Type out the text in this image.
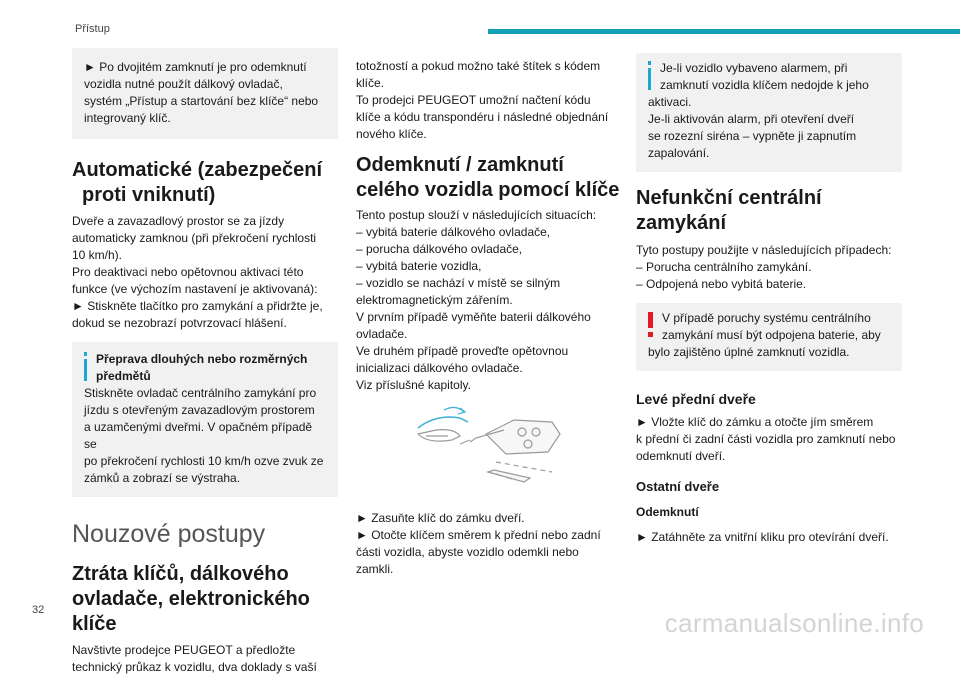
Přístup
► Po dvojitém zamknutí je pro odemknutí
vozidla nutné použít dálkový ovladač,
systém „Přístup a startování bez klíče“ nebo
integrovaný klíč.
Automatické (zabezpečení
proti vniknutí)
Dveře a zavazadlový prostor se za jízdy
automaticky zamknou (při překročení rychlosti
10 km/h).
Pro deaktivaci nebo opětovnou aktivaci této
funkce (ve výchozím nastavení je aktivovaná):
► Stiskněte tlačítko pro zamykání a přidržte je,
dokud se nezobrazí potvrzovací hlášení.
Přeprava dlouhých nebo rozměrných
předmětů
Stiskněte ovladač centrálního zamykání pro
jízdu s otevřeným zavazadlovým prostorem
a uzamčenými dveřmi. V opačném případě se
po překročení rychlosti 10 km/h ozve zvuk ze
zámků a zobrazí se výstraha.
Nouzové postupy
Ztráta klíčů, dálkového
ovladače, elektronického
klíče
Navštivte prodejce PEUGEOT a předložte
technický průkaz k vozidlu, dva doklady s vaší
totožností a pokud možno také štítek s kódem
klíče.
To prodejci PEUGEOT umožní načtení kódu
klíče a kódu transpondéru i následné objednání
nového klíče.
Odemknutí / zamknutí
celého vozidla pomocí klíče
Tento postup slouží v následujících situacích:
– vybitá baterie dálkového ovladače,
– porucha dálkového ovladače,
– vybitá baterie vozidla,
– vozidlo se nachází v místě se silným
elektromagnetickým zářením.
V prvním případě vyměňte baterii dálkového
ovladače.
Ve druhém případě proveďte opětovnou
inicializaci dálkového ovladače.
Viz příslušné kapitoly.
► Zasuňte klíč do zámku dveří.
► Otočte klíčem směrem k přední nebo zadní
části vozidla, abyste vozidlo odemkli nebo
zamkli.
Je-li vozidlo vybaveno alarmem, při
zamknutí vozidla klíčem nedojde k jeho
aktivaci.
Je-li aktivován alarm, při otevření dveří
se rozezní siréna – vypněte ji zapnutím
zapalování.
Nefunkční centrální
zamykání
Tyto postupy použijte v následujících případech:
– Porucha centrálního zamykání.
– Odpojená nebo vybitá baterie.
V případě poruchy systému centrálního
zamykání musí být odpojena baterie, aby
bylo zajištěno úplné zamknutí vozidla.
Levé přední dveře
► Vložte klíč do zámku a otočte jím směrem
k přední či zadní části vozidla pro zamknutí nebo
odemknutí dveří.
Ostatní dveře
Odemknutí
► Zatáhněte za vnitřní kliku pro otevírání dveří.
32	carmanualsonline.info
